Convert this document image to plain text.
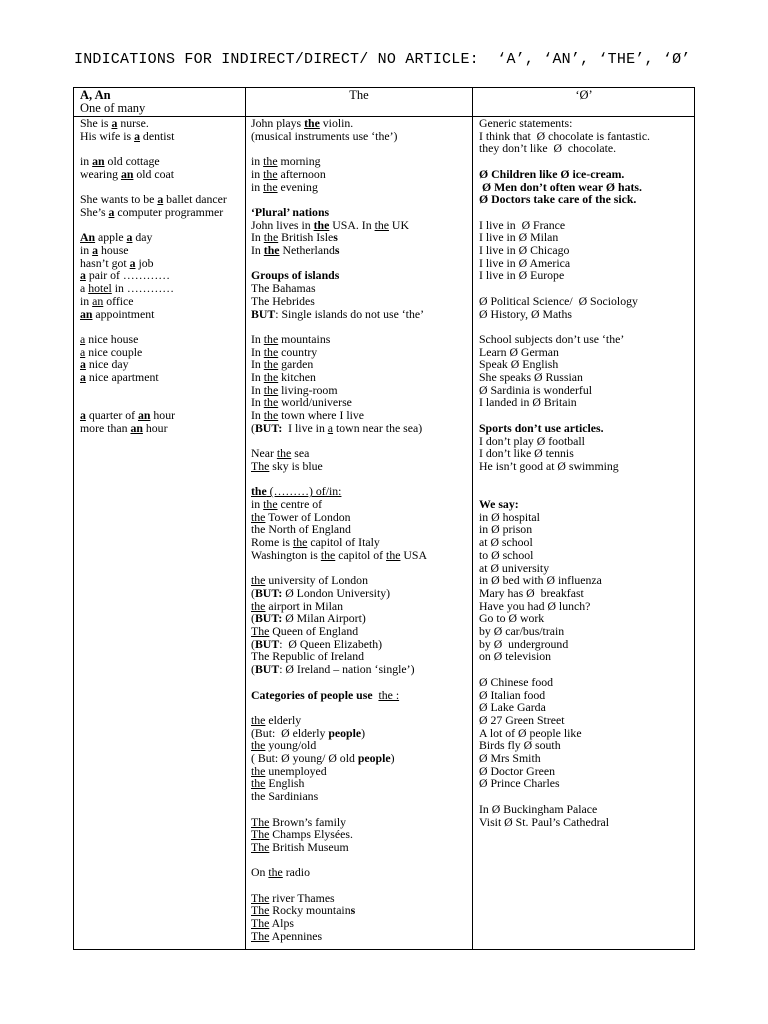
INDICATIONS FOR INDIRECT/DIRECT/ NO ARTICLE:  ‘A’, ‘AN’, ‘THE’, ‘Ø’
A, An
One of many
The	‘Ø’
She is a nurse.
His wife is a dentist
in an old cottage
wearing an old coat
She wants to be a ballet dancer
She’s a computer programmer
An apple a day
in a house
hasn’t got a job
a pair of …………
a hotel in …………
in an office
an appointment
a nice house
a nice couple
a nice day
a nice apartment
a quarter of an hour
more than an hour
John plays the violin.
(musical instruments use ‘the’)
in the morning
in the afternoon
in the evening
‘Plural’ nations
John lives in the USA. In the UK
In the British Isles
In the Netherlands
Groups of islands
The Bahamas
The Hebrides
BUT: Single islands do not use ‘the’
In the mountains
In the country
In the garden
In the kitchen
In the living-room
In the world/universe
In the town where I live
(BUT:  I live in a town near the sea)
Near the sea
The sky is blue
the (………) of/in:
in the centre of
the Tower of London
the North of England
Rome is the capitol of Italy
Washington is the capitol of the USA
the university of London
(BUT: Ø London University)
the airport in Milan
(BUT: Ø Milan Airport)
The Queen of England
(BUT:  Ø Queen Elizabeth)
The Republic of Ireland
(BUT: Ø Ireland – nation ‘single’)
Categories of people use  the :
the elderly
(But:  Ø elderly people)
the young/old
( But: Ø young/ Ø old people)
the unemployed
the English
the Sardinians
The Brown’s family
The Champs Elysées.
The British Museum
On the radio
The river Thames
The Rocky mountains
The Alps
The Apennines
Generic statements:
I think that  Ø chocolate is fantastic.
they don’t like  Ø  chocolate.
Ø Children like Ø ice-cream.
Ø Men don’t often wear Ø hats.
Ø Doctors take care of the sick.
I live in  Ø France
I live in Ø Milan
I live in Ø Chicago
I live in Ø America
I live in Ø Europe
Ø Political Science/  Ø Sociology
Ø History, Ø Maths
School subjects don’t use ‘the’
Learn Ø German
Speak Ø English
She speaks Ø Russian
Ø Sardinia is wonderful
I landed in Ø Britain
Sports don’t use articles.
I don’t play Ø football
I don’t like Ø tennis
He isn’t good at Ø swimming
We say:
in Ø hospital
in Ø prison
at Ø school
to Ø school
at Ø university
in Ø bed with Ø influenza
Mary has Ø  breakfast
Have you had Ø lunch?
Go to Ø work
by Ø car/bus/train
by Ø  underground
on Ø television
Ø Chinese food
Ø Italian food
Ø Lake Garda
Ø 27 Green Street
A lot of Ø people like
Birds fly Ø south
Ø Mrs Smith
Ø Doctor Green
Ø Prince Charles
In Ø Buckingham Palace
Visit Ø St. Paul’s Cathedral
